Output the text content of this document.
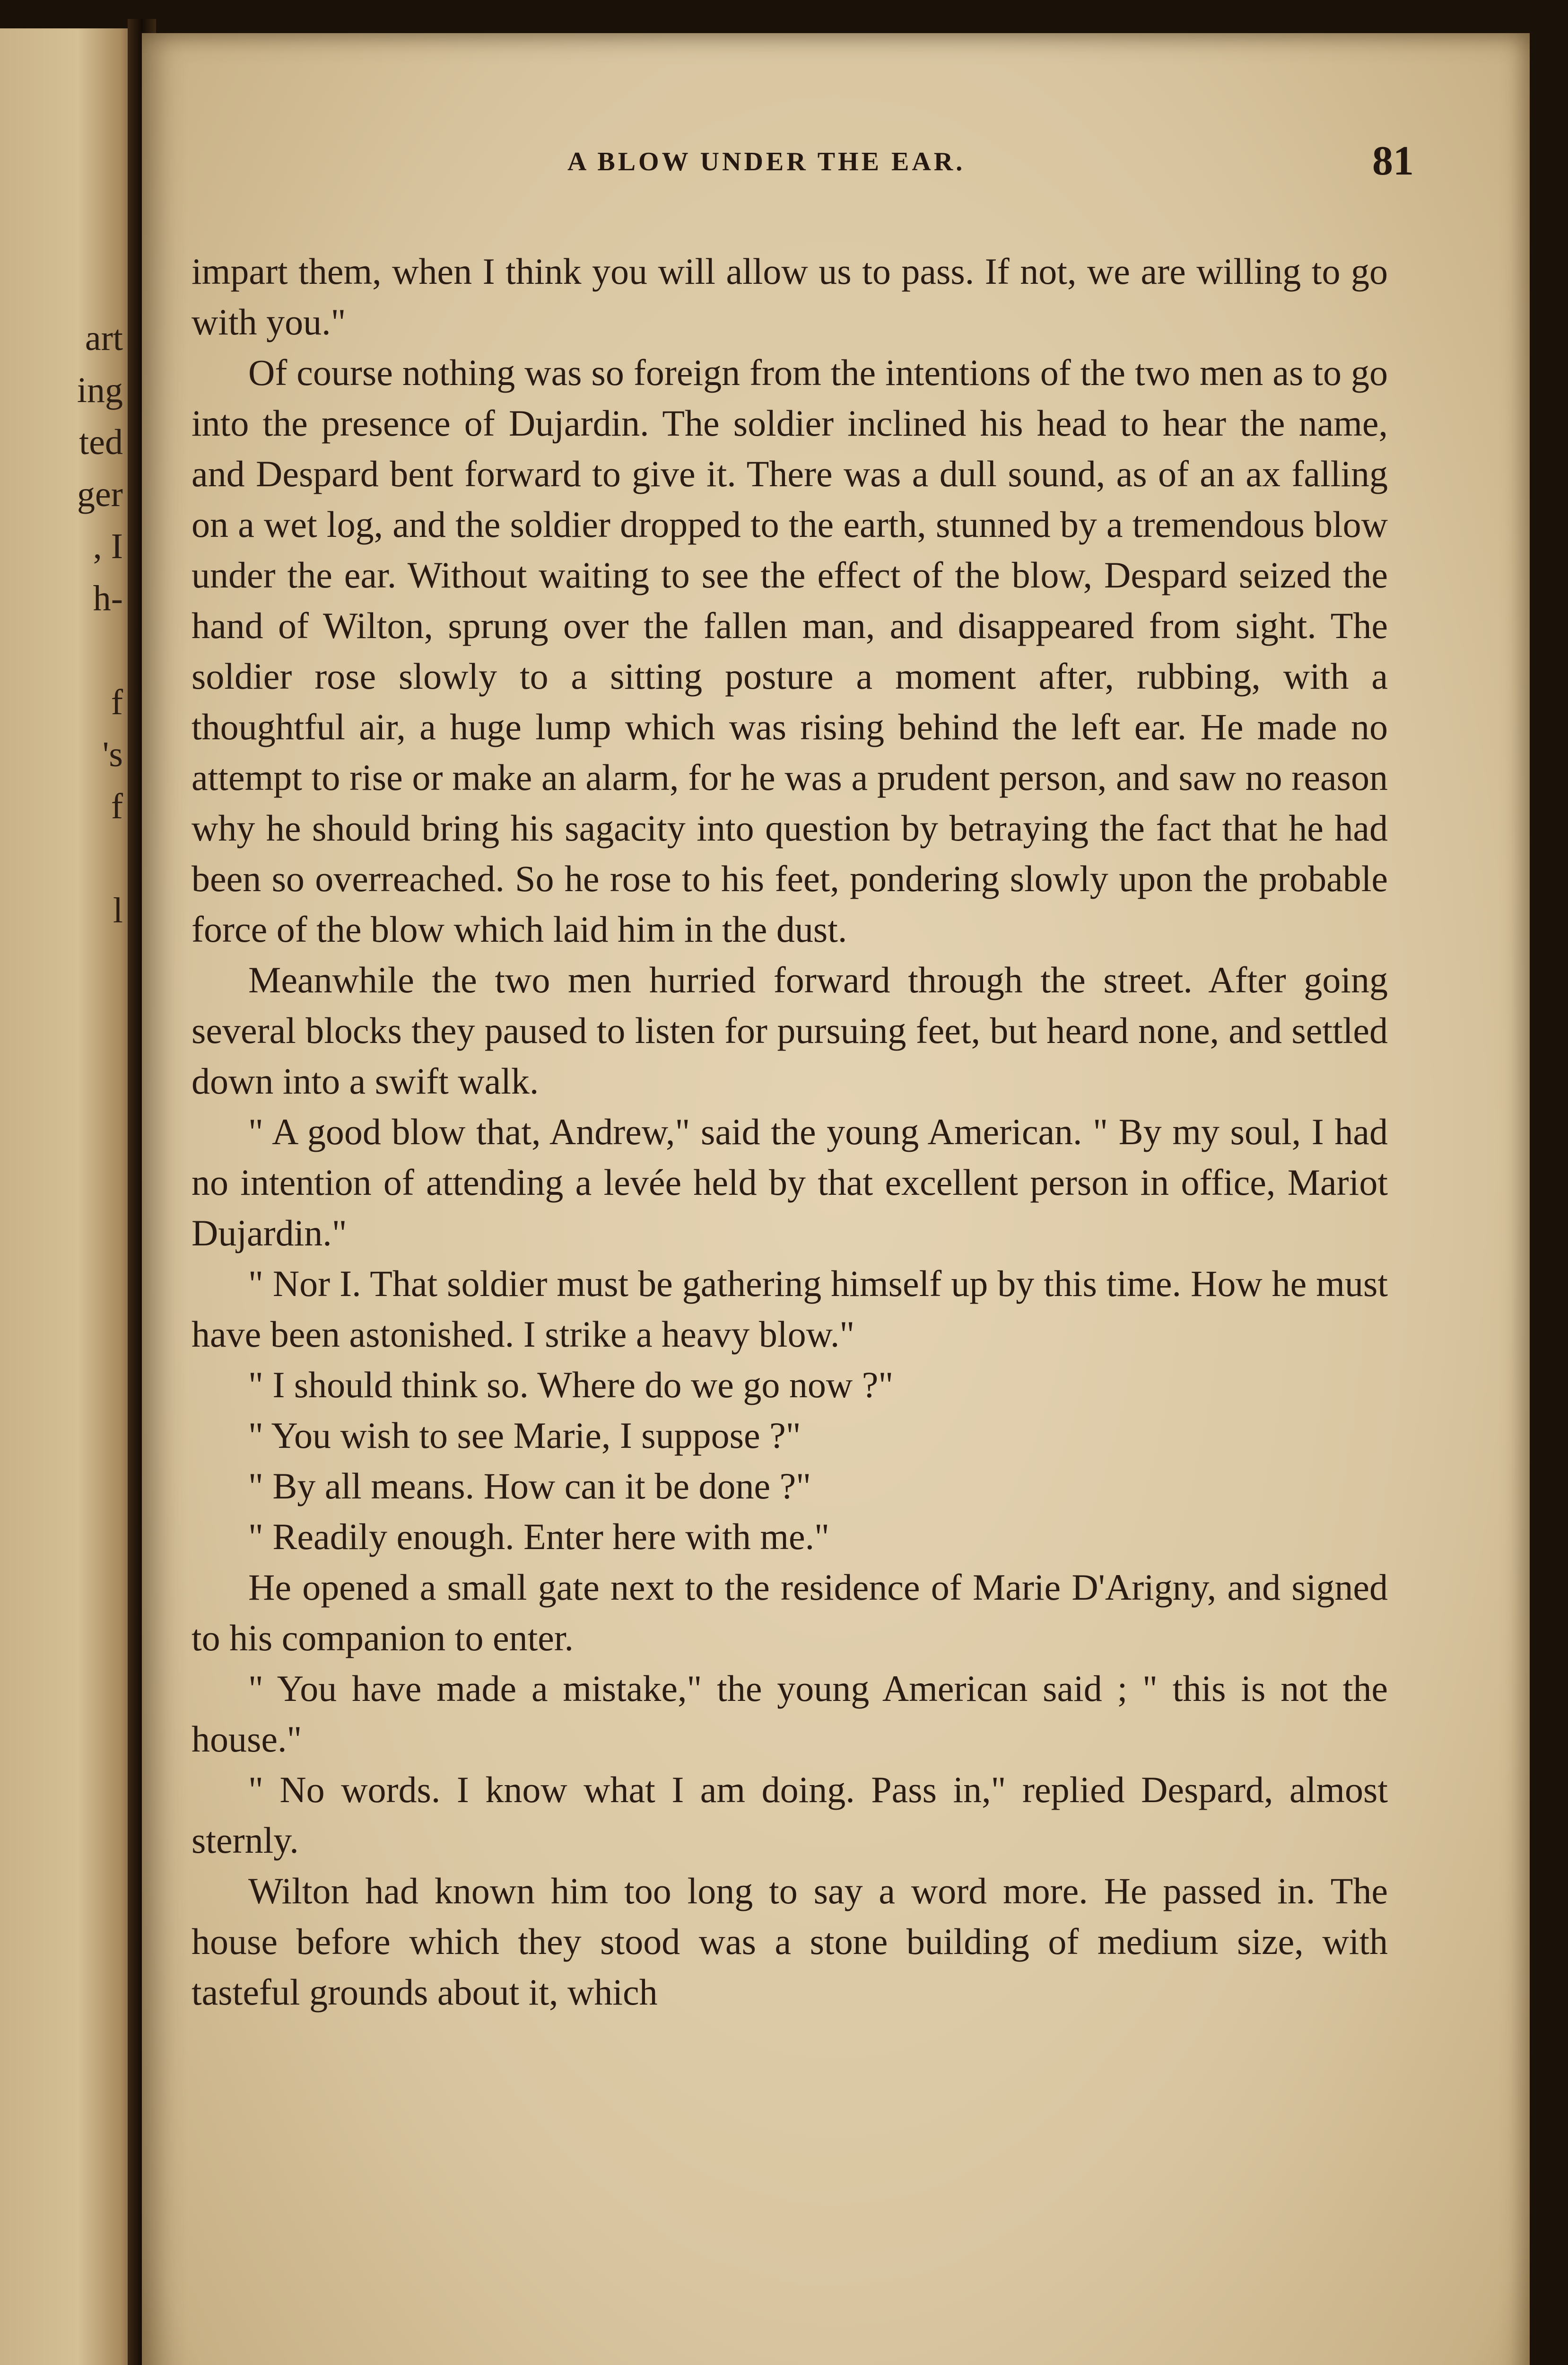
art
ing
ted
ger
, I
h-

f
's
f

l
A BLOW UNDER THE EAR.	81

impart them, when I think you will allow us to pass. If not, we are willing to go with you."

Of course nothing was so foreign from the intentions of the two men as to go into the presence of Dujardin. The soldier inclined his head to hear the name, and Despard bent forward to give it. There was a dull sound, as of an ax falling on a wet log, and the soldier dropped to the earth, stunned by a tremendous blow under the ear. Without waiting to see the effect of the blow, Despard seized the hand of Wilton, sprung over the fallen man, and disappeared from sight. The soldier rose slowly to a sitting posture a moment after, rubbing, with a thoughtful air, a huge lump which was rising behind the left ear. He made no attempt to rise or make an alarm, for he was a prudent person, and saw no reason why he should bring his sagacity into question by betraying the fact that he had been so overreached. So he rose to his feet, pondering slowly upon the probable force of the blow which laid him in the dust.

Meanwhile the two men hurried forward through the street. After going several blocks they paused to listen for pursuing feet, but heard none, and settled down into a swift walk.

" A good blow that, Andrew," said the young American. " By my soul, I had no intention of attending a levée held by that excellent person in office, Mariot Dujardin."

" Nor I. That soldier must be gathering himself up by this time. How he must have been astonished. I strike a heavy blow."

" I should think so. Where do we go now ?"

" You wish to see Marie, I suppose ?"

" By all means. How can it be done ?"

" Readily enough. Enter here with me."

He opened a small gate next to the residence of Marie D'Arigny, and signed to his companion to enter.

" You have made a mistake," the young American said ; " this is not the house."

" No words. I know what I am doing. Pass in," replied Despard, almost sternly.

Wilton had known him too long to say a word more. He passed in. The house before which they stood was a stone building of medium size, with tasteful grounds about it, which
